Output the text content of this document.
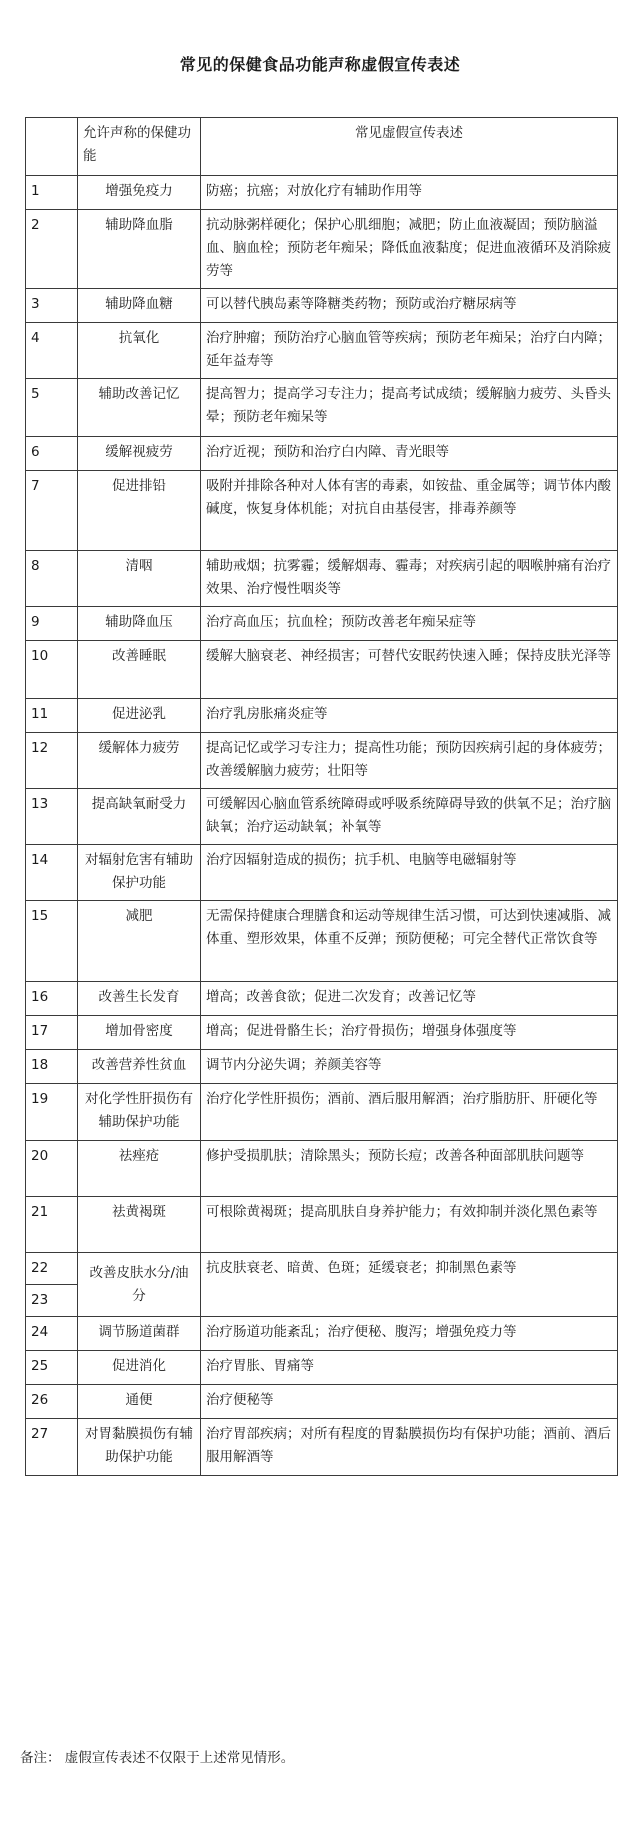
常见的保健食品功能声称虚假宣传表述
	允许声称的保健功能	常见虚假宣传表述
1	增强免疫力	防癌；抗癌；对放化疗有辅助作用等
2	辅助降血脂	抗动脉粥样硬化；保护心肌细胞；减肥；防止血液凝固；预防脑溢血、脑血栓；预防老年痴呆；降低血液黏度；促进血液循环及消除疲劳等
3	辅助降血糖	可以替代胰岛素等降糖类药物；预防或治疗糖尿病等
4	抗氧化	治疗肿瘤；预防治疗心脑血管等疾病；预防老年痴呆；治疗白内障；延年益寿等
5	辅助改善记忆	提高智力；提高学习专注力；提高考试成绩；缓解脑力疲劳、头昏头晕；预防老年痴呆等
6	缓解视疲劳	治疗近视；预防和治疗白内障、青光眼等
7	促进排铅	吸附并排除各种对人体有害的毒素，如铵盐、重金属等；调节体内酸碱度，恢复身体机能；对抗自由基侵害，排毒养颜等
8	清咽	辅助戒烟；抗雾霾；缓解烟毒、霾毒；对疾病引起的咽喉肿痛有治疗效果、治疗慢性咽炎等
9	辅助降血压	治疗高血压；抗血栓；预防改善老年痴呆症等
10	改善睡眠	缓解大脑衰老、神经损害；可替代安眠药快速入睡；保持皮肤光泽等
11	促进泌乳	治疗乳房胀痛炎症等
12	缓解体力疲劳	提高记忆或学习专注力；提高性功能；预防因疾病引起的身体疲劳；改善缓解脑力疲劳；壮阳等
13	提高缺氧耐受力	可缓解因心脑血管系统障碍或呼吸系统障碍导致的供氧不足；治疗脑缺氧；治疗运动缺氧；补氧等
14	对辐射危害有辅助保护功能	治疗因辐射造成的损伤；抗手机、电脑等电磁辐射等
15	减肥	无需保持健康合理膳食和运动等规律生活习惯，可达到快速减脂、减体重、塑形效果，体重不反弹；预防便秘；可完全替代正常饮食等
16	改善生长发育	增高；改善食欲；促进二次发育；改善记忆等
17	增加骨密度	增高；促进骨骼生长；治疗骨损伤；增强身体强度等
18	改善营养性贫血	调节内分泌失调；养颜美容等
19	对化学性肝损伤有辅助保护功能	治疗化学性肝损伤；酒前、酒后服用解酒；治疗脂肪肝、肝硬化等
20	祛痤疮	修护受损肌肤；清除黑头；预防长痘；改善各种面部肌肤问题等
21	祛黄褐斑	可根除黄褐斑；提高肌肤自身养护能力；有效抑制并淡化黑色素等
22	改善皮肤水分/油分	抗皮肤衰老、暗黄、色斑；延缓衰老；抑制黑色素等
23		
24	调节肠道菌群	治疗肠道功能紊乱；治疗便秘、腹泻；增强免疫力等
25	促进消化	治疗胃胀、胃痛等
26	通便	治疗便秘等
27	对胃黏膜损伤有辅助保护功能	治疗胃部疾病；对所有程度的胃黏膜损伤均有保护功能；酒前、酒后服用解酒等
备注： 虚假宣传表述不仅限于上述常见情形。
